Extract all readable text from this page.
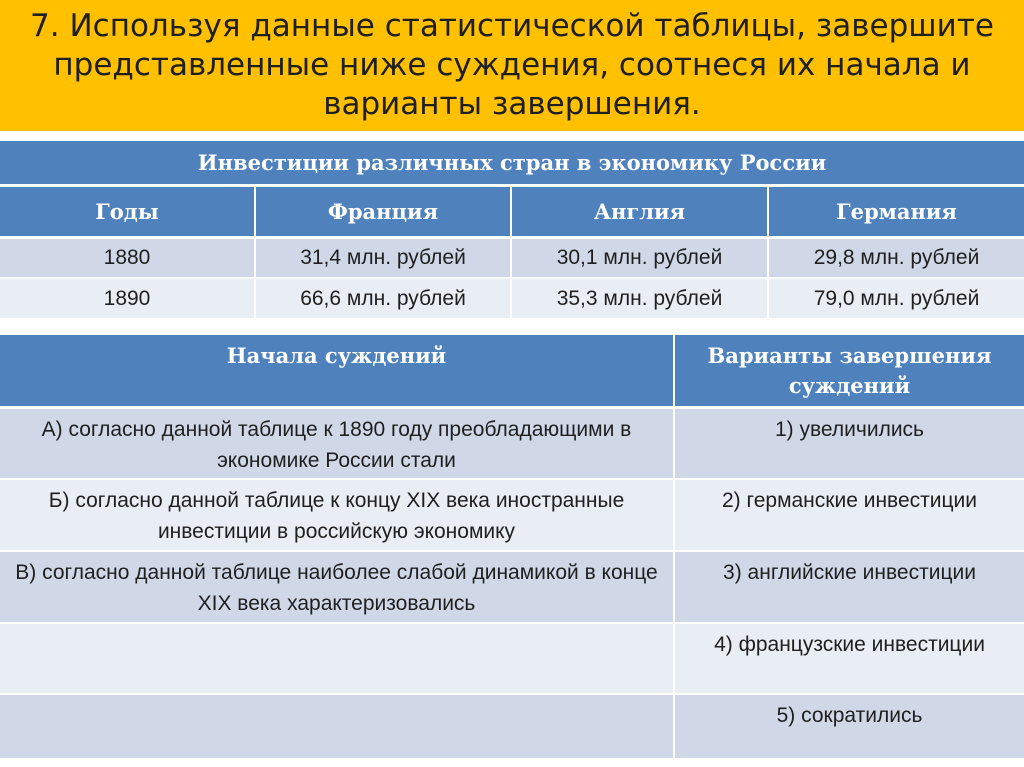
7. Используя данные статистической таблицы, завершите представленные ниже суждения, соотнеся их начала и варианты завершения.
Инвестиции различных стран в экономику России			
Годы	Франция	Англия	Германия
1880	31,4 млн. рублей	30,1 млн. рублей	29,8 млн. рублей
1890	66,6 млн. рублей	35,3 млн. рублей	79,0 млн. рублей
Начала суждений	Варианты завершения суждений
А) согласно данной таблице к 1890 году преобладающими в экономике России стали	1) увеличились
Б) согласно данной таблице к концу XIX века иностранные инвестиции в российскую экономику	2) германские инвестиции
В) согласно данной таблице наиболее слабой динамикой в конце XIX века характеризовались	3) английские инвестиции
	4) французские инвестиции
	5) сократились
